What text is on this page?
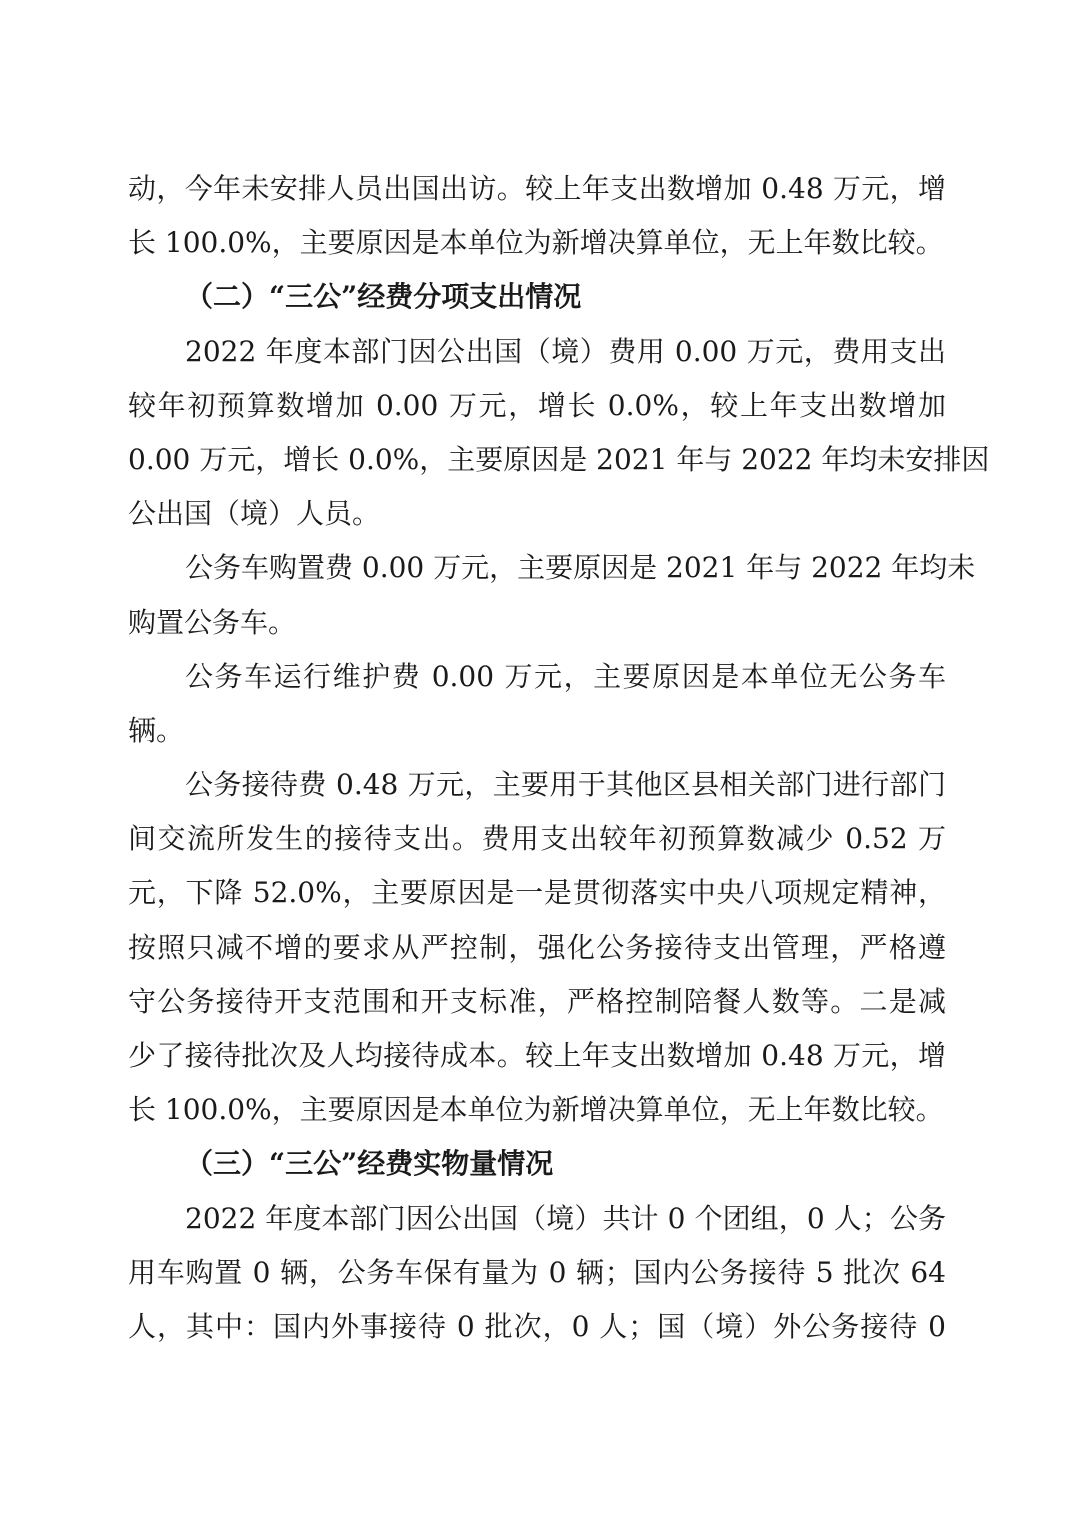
动，今年未安排人员出国出访。较上年支出数增加 0.48 万元，增
长 100.0%，主要原因是本单位为新增决算单位，无上年数比较。
（二）“三公”经费分项支出情况
2022 年度本部门因公出国（境）费用 0.00 万元，费用支出
较年初预算数增加 0.00 万元，增长 0.0%，较上年支出数增加
0.00 万元，增长 0.0%，主要原因是 2021 年与 2022 年均未安排因
公出国（境）人员。
公务车购置费 0.00 万元，主要原因是 2021 年与 2022 年均未
购置公务车。
公务车运行维护费 0.00 万元，主要原因是本单位无公务车
辆。
公务接待费 0.48 万元，主要用于其他区县相关部门进行部门
间交流所发生的接待支出。费用支出较年初预算数减少 0.52 万
元，下降 52.0%，主要原因是一是贯彻落实中央八项规定精神，
按照只减不增的要求从严控制，强化公务接待支出管理，严格遵
守公务接待开支范围和开支标准，严格控制陪餐人数等。二是减
少了接待批次及人均接待成本。较上年支出数增加 0.48 万元，增
长 100.0%，主要原因是本单位为新增决算单位，无上年数比较。
（三）“三公”经费实物量情况
2022 年度本部门因公出国（境）共计 0 个团组，0 人；公务
用车购置 0 辆，公务车保有量为 0 辆；国内公务接待 5 批次 64
人，其中：国内外事接待 0 批次，0 人；国（境）外公务接待 0
